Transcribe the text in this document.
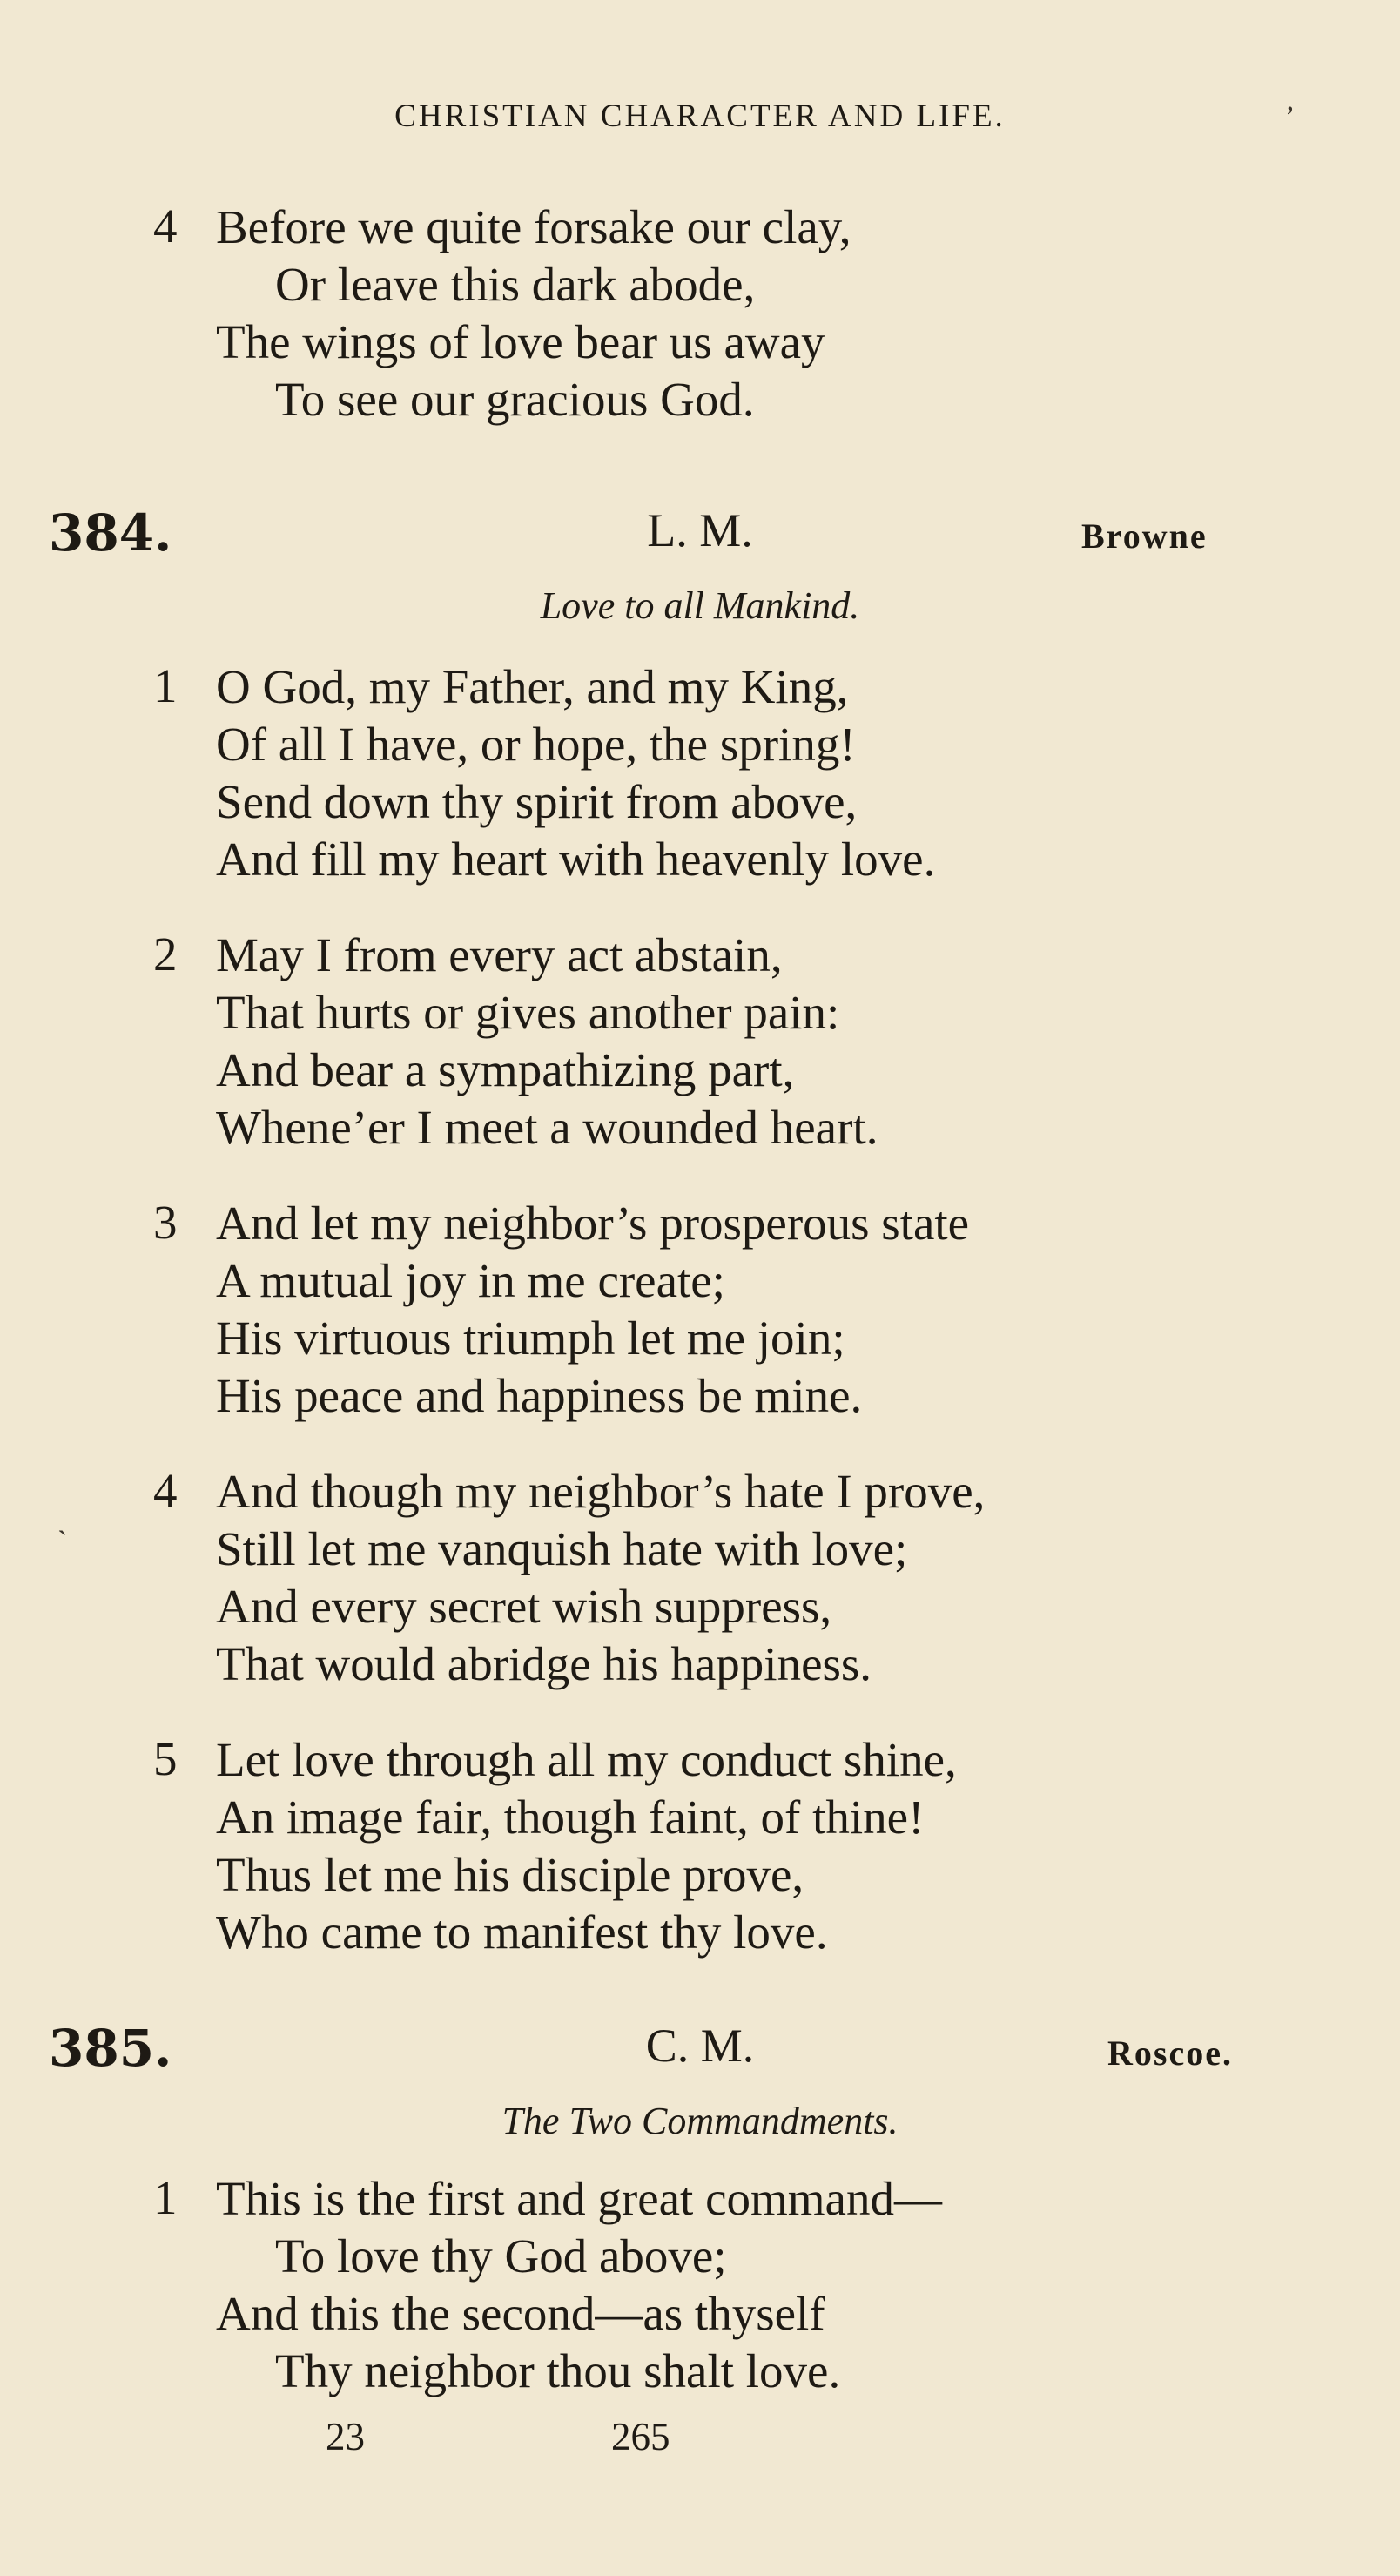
CHRISTIAN CHARACTER AND LIFE.	ʼ
4 Before we quite forsake our clay,
Or leave this dark abode,
The wings of love bear us away
To see our gracious God.
384.	L. M.	Browne
Love to all Mankind.
1 O God, my Father, and my King,
Of all I have, or hope, the spring!
Send down thy spirit from above,
And fill my heart with heavenly love.
2 May I from every act abstain,
That hurts or gives another pain:
And bear a sympathizing part,
Whene’er I meet a wounded heart.
3 And let my neighbor’s prosperous state
A mutual joy in me create;
His virtuous triumph let me join;
His peace and happiness be mine.
4 And though my neighbor’s hate I prove,
ˋ	Still let me vanquish hate with love;
And every secret wish suppress,
That would abridge his happiness.
5 Let love through all my conduct shine,
An image fair, though faint, of thine!
Thus let me his disciple prove,
Who came to manifest thy love.
385.	C. M.	Roscoe.
The Two Commandments.
1 This is the first and great command—
To love thy God above;
And this the second—as thyself
Thy neighbor thou shalt love.
23	265
